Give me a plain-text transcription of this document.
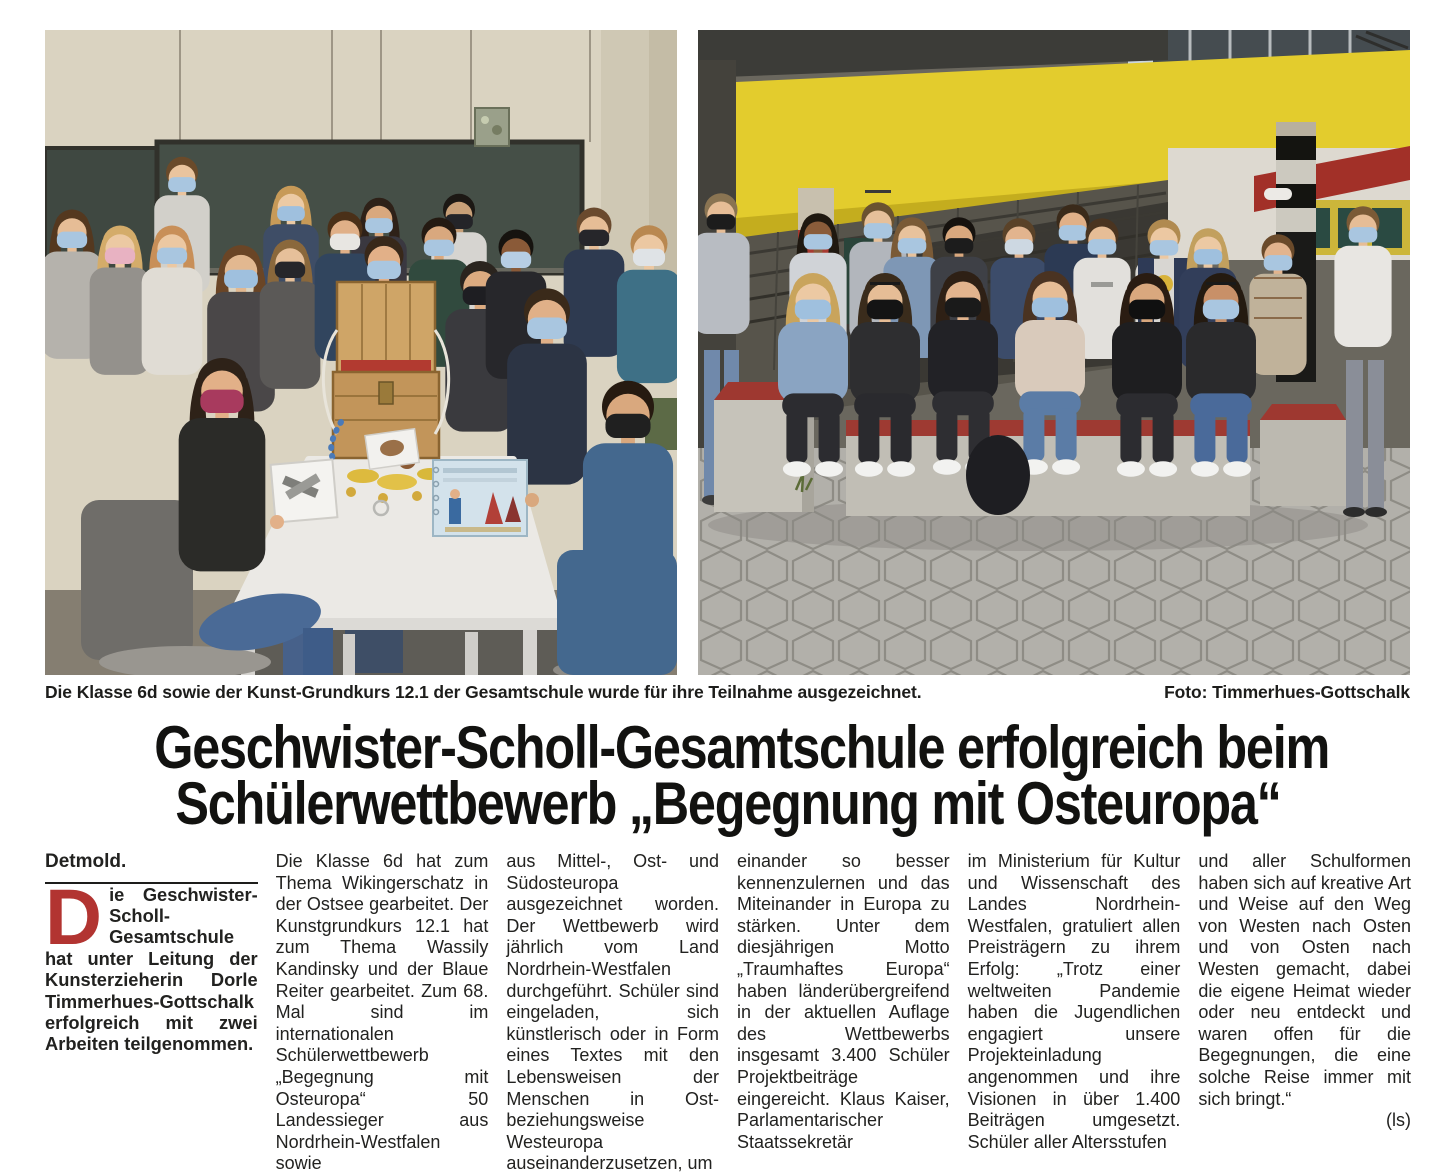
Die Klasse 6d sowie der Kunst-Grundkurs 12.1 der Gesamtschule wurde für ihre Teilnahme ausgezeichnet.	Foto: Timmerhues-Gottschalk
Geschwister-Scholl-Gesamtschule erfolgreich beim
Schülerwettbewerb „Begegnung mit Osteuropa“
Detmold.

Die Geschwister-Scholl-Gesamtschule hat unter Leitung der Kunsterzieherin Dorle Timmerhues-Gottschalk erfolgreich mit zwei Arbeiten teilgenommen.

Die Klasse 6d hat zum Thema Wikingerschatz in der Ostsee gearbeitet. Der Kunstgrundkurs 12.1 hat zum Thema Wassily Kandinsky und der Blaue Reiter gearbeitet. Zum 68. Mal sind im internationalen Schülerwettbewerb „Begegnung mit Osteuropa“ 50 Landessieger aus Nordrhein-Westfalen sowie

aus Mittel-, Ost- und Südosteuropa ausgezeichnet worden. Der Wettbewerb wird jährlich vom Land Nordrhein-Westfalen durchgeführt. Schüler sind eingeladen, sich künstlerisch oder in Form eines Textes mit den Lebensweisen der Menschen in Ost- beziehungsweise Westeuropa auseinanderzusetzen, um

einander so besser kennenzulernen und das Miteinander in Europa zu stärken. Unter dem diesjährigen Motto „Traumhaftes Europa“ haben länderübergreifend in der aktuellen Auflage des Wettbewerbs insgesamt 3.400 Schüler Projektbeiträge eingereicht. Klaus Kaiser, Parlamentarischer Staatssekretär

im Ministerium für Kultur und Wissenschaft des Landes Nordrhein-Westfalen, gratuliert allen Preisträgern zu ihrem Erfolg: „Trotz einer weltweiten Pandemie haben die Jugendlichen engagiert unsere Projekteinladung angenommen und ihre Visionen in über 1.400 Beiträgen umgesetzt. Schüler aller Altersstufen

und aller Schulformen haben sich auf kreative Art und Weise auf den Weg von Westen nach Osten und von Osten nach Westen gemacht, dabei die eigene Heimat wieder oder neu entdeckt und waren offen für die Begegnungen, die eine solche Reise immer mit sich bringt.“

(ls)
